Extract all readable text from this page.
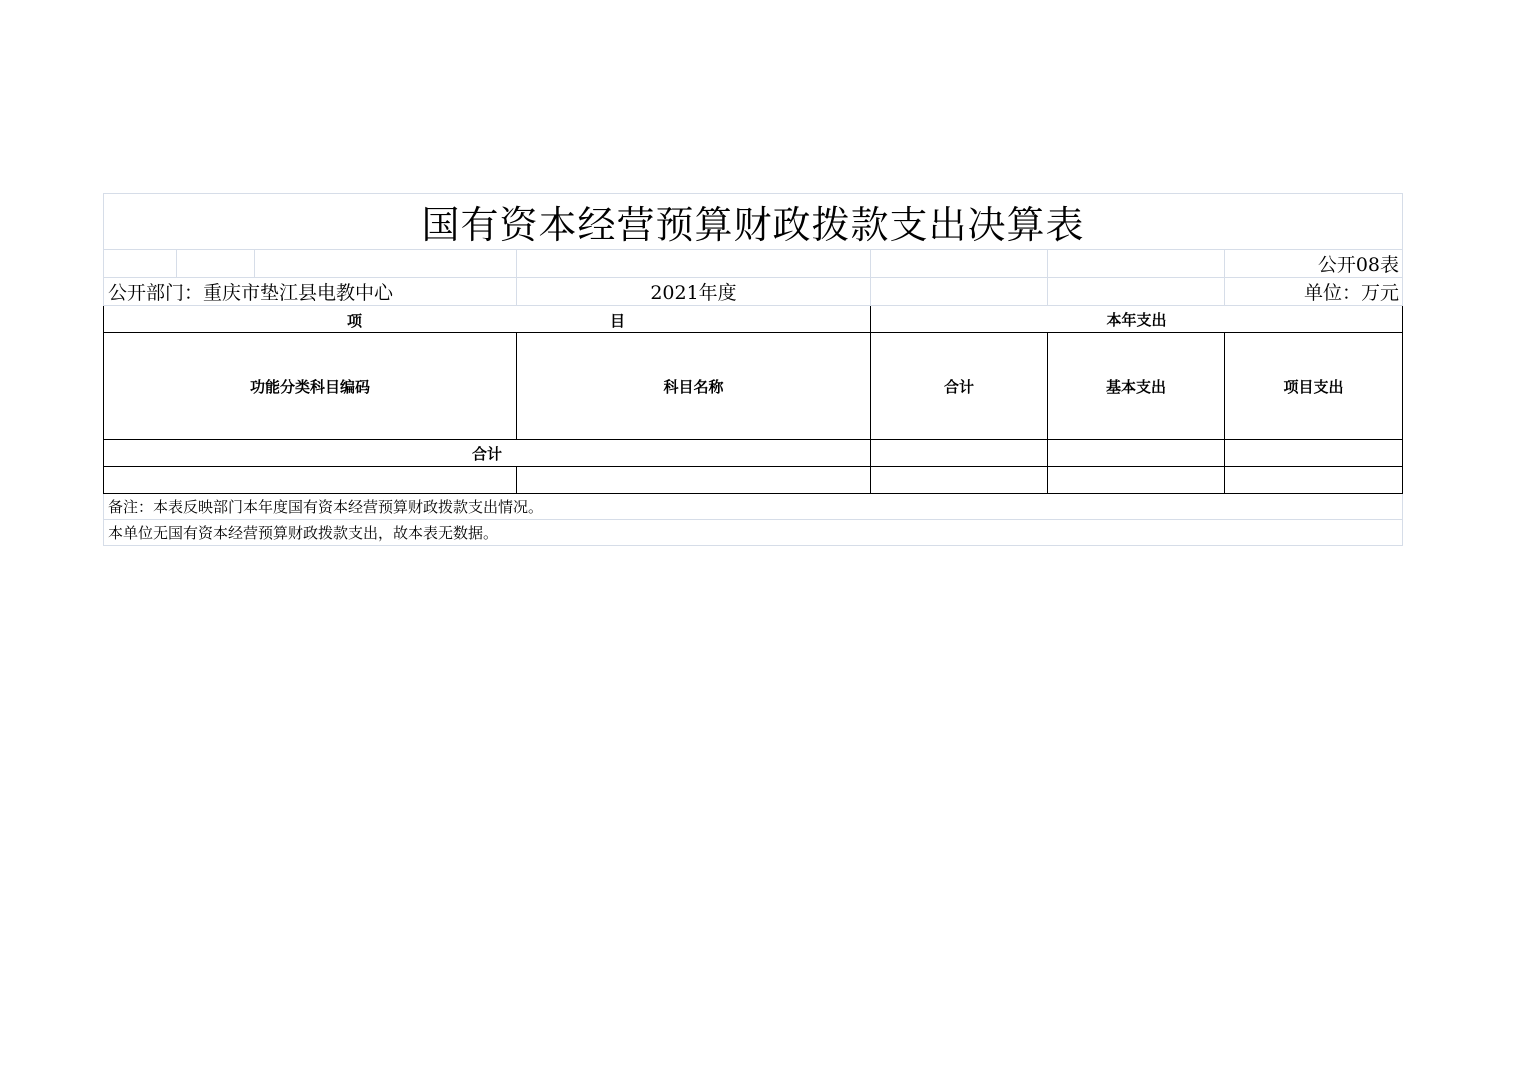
国有资本经营预算财政拨款支出决算表						
						公开08表
公开部门：重庆市垫江县电教中心			2021年度			单位：万元

项 目				本年支出		
功能分类科目编码			科目名称	合计	基本支出	项目支出
合计						

备注：本表反映部门本年度国有资本经营预算财政拨款支出情况。						
本单位无国有资本经营预算财政拨款支出，故本表无数据。						
